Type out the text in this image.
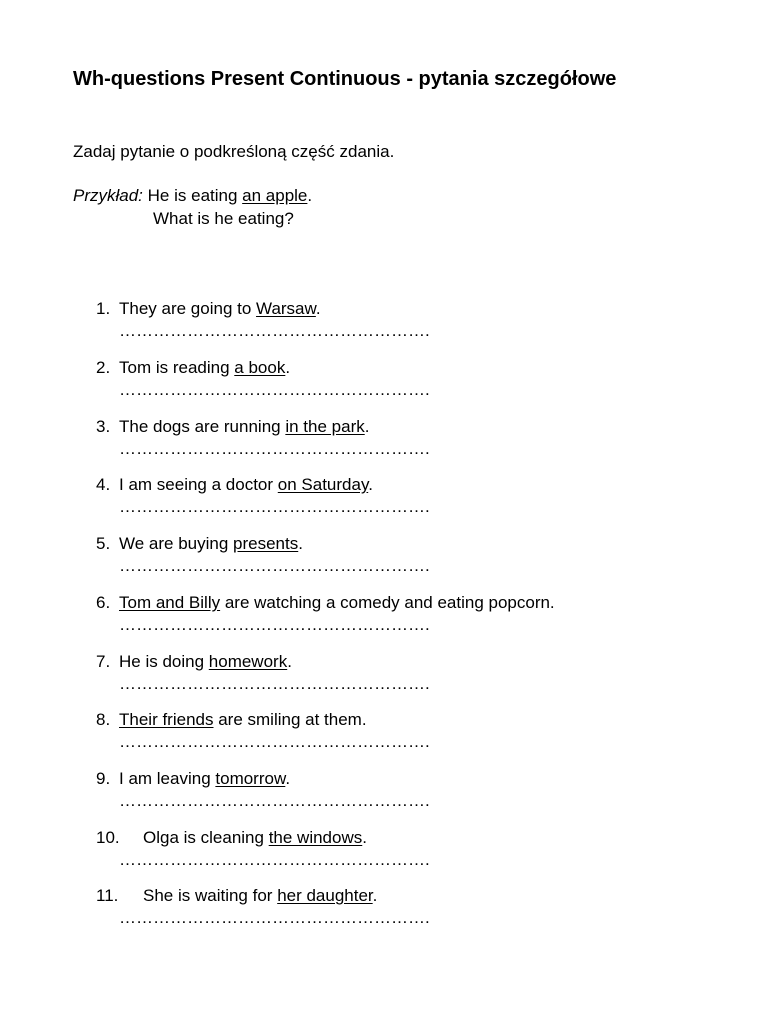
Wh-questions Present Continuous - pytania szczegółowe
Zadaj pytanie o podkreśloną część zdania.
Przykład: He is eating an apple.
What is he eating?
1. They are going to Warsaw.
……………………………………………….
2. Tom is reading a book.
……………………………………………….
3. The dogs are running in the park.
……………………………………………….
4. I am seeing a doctor on Saturday.
……………………………………………….
5. We are buying presents.
……………………………………………….
6. Tom and Billy are watching a comedy and eating popcorn.
……………………………………………….
7. He is doing homework.
……………………………………………….
8. Their friends are smiling at them.
……………………………………………….
9. I am leaving tomorrow.
……………………………………………….
10. Olga is cleaning the windows.
……………………………………………….
11. She is waiting for her daughter.
……………………………………………….
